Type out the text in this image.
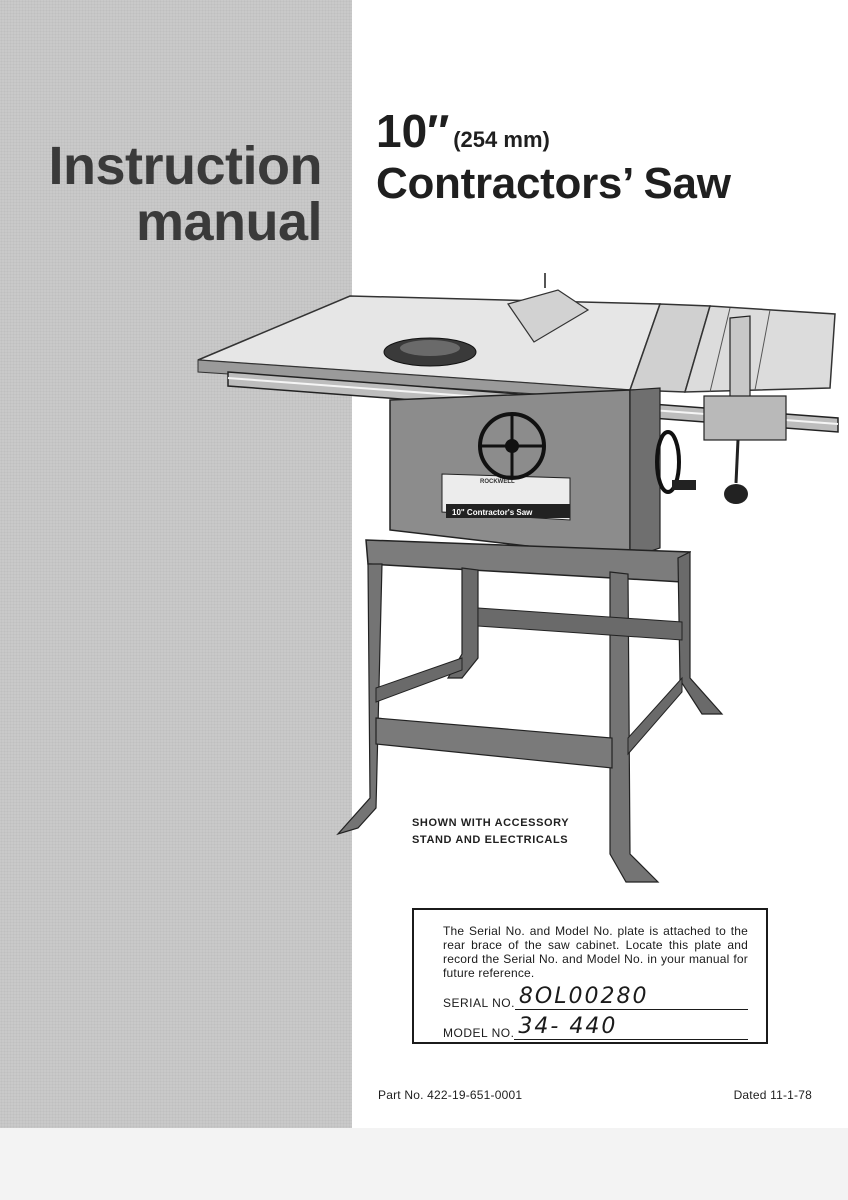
Instruction
manual
10′′ (254 mm)
Contractors’ Saw
10" Contractor's Saw
ROCKWELL
SHOWN WITH ACCESSORY
STAND AND ELECTRICALS
The Serial No. and Model No. plate is attached to the rear brace of the saw cabinet. Locate this plate and record the Serial No. and Model No. in your manual for future reference.
SERIAL NO. 8OL00280
MODEL NO. 34- 440
Part No. 422-19-651-0001	Dated 11-1-78
